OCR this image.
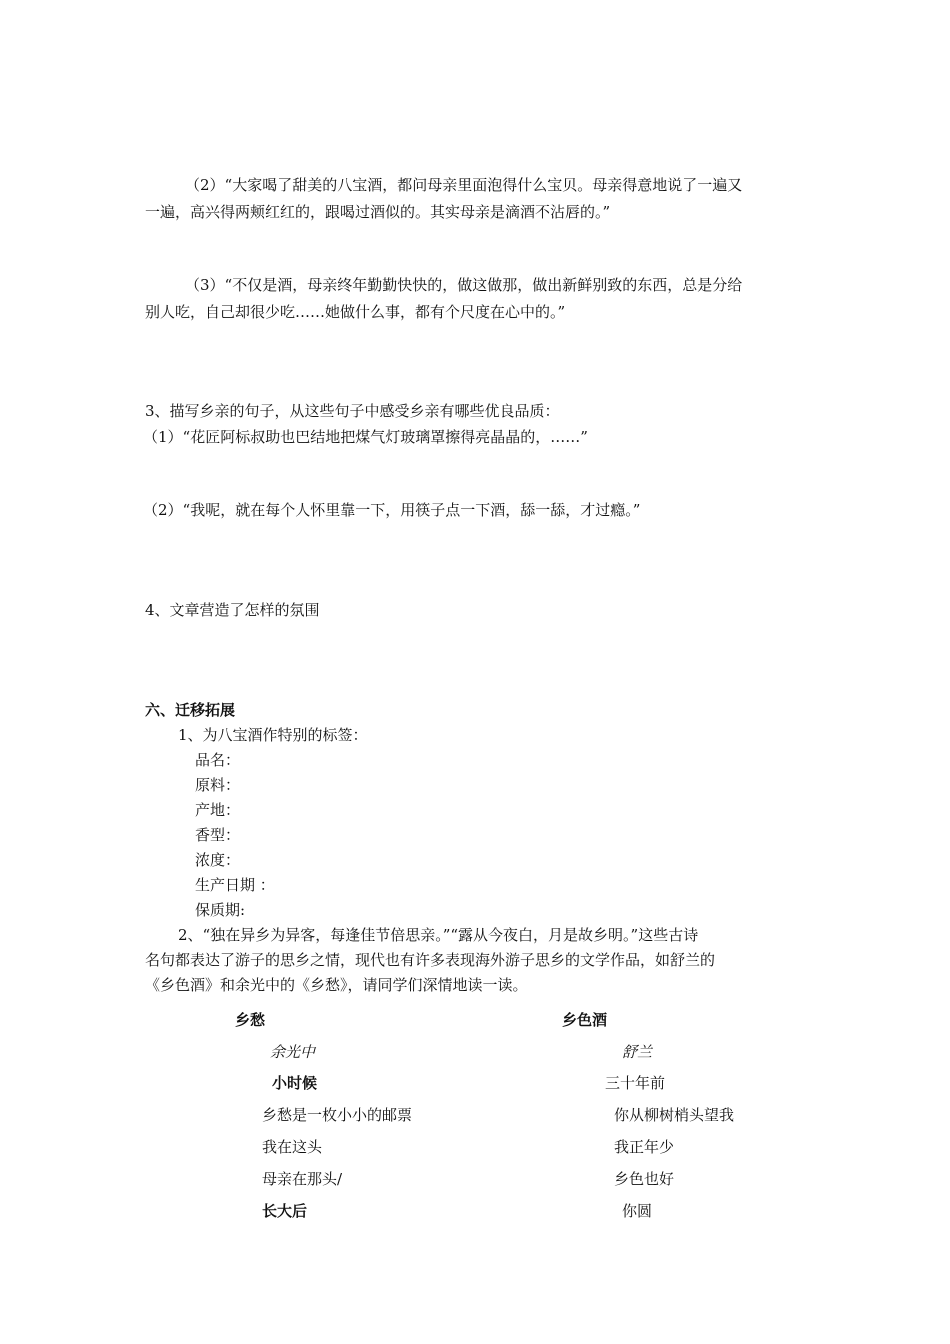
（2）“大家喝了甜美的八宝酒，都问母亲里面泡得什么宝贝。母亲得意地说了一遍又
一遍，高兴得两颊红红的，跟喝过酒似的。其实母亲是滴酒不沾唇的。”
（3）“不仅是酒，母亲终年勤勤快快的，做这做那，做出新鲜别致的东西，总是分给
别人吃，自己却很少吃……她做什么事，都有个尺度在心中的。”
3、描写乡亲的句子，从这些句子中感受乡亲有哪些优良品质：
（1）“花匠阿标叔助也巴结地把煤气灯玻璃罩擦得亮晶晶的，……”
（2）“我呢，就在每个人怀里靠一下，用筷子点一下酒，舔一舔，才过瘾。”
4、文章营造了怎样的氛围
六、迁移拓展
1、为八宝酒作特别的标签：
品名：
原料：
产地：
香型：
浓度：
生产日期 ：
保质期:
2、“独在异乡为异客，每逢佳节倍思亲。”“露从今夜白，月是故乡明。”这些古诗
名句都表达了游子的思乡之情，现代也有许多表现海外游子思乡的文学作品，如舒兰的
《乡色酒》和余光中的《乡愁》，请同学们深情地读一读。
乡愁	乡色酒
余光中	舒兰
小时候	三十年前
乡愁是一枚小小的邮票	你从柳树梢头望我
我在这头	我正年少
母亲在那头/	乡色也好
长大后	你圆
